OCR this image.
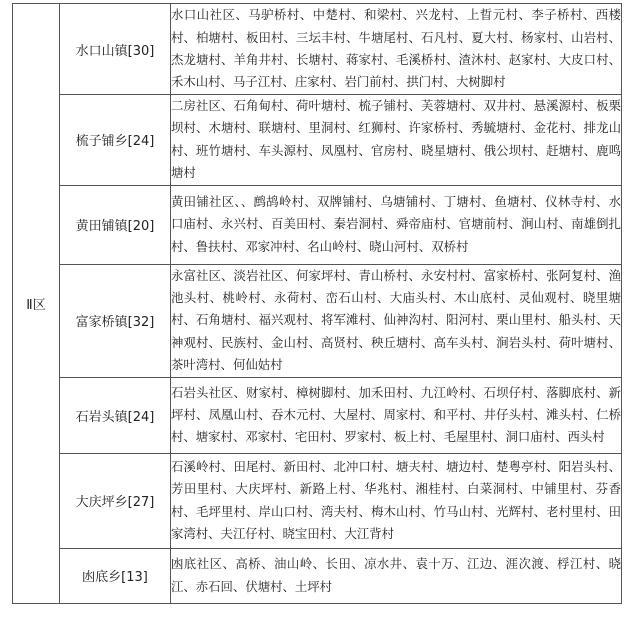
Ⅱ区	水口山镇[30]	水口山社区、马驴桥村、中楚村、和梁村、兴龙村、上晢元村、李子桥村、西楼村、柏塘村、板田村、三坛丰村、牛塘尾村、石凡村、夏大村、杨家村、山岩村、杰龙塘村、羊角井村、长塘村、蒋家村、毛溪桥村、渣沐村、赵家村、大皮口村、禾木山村、马子江村、庄家村、岩门前村、拱门村、大树脚村
	梳子铺乡[24]	二房社区、石角甸村、荷叶塘村、梳子铺村、芙蓉塘村、双井村、悬溪源村、板栗坝村、木塘村、联塘村、里洞村、红狮村、许家桥村、秀毓塘村、金花村、排龙山村、班竹塘村、车头源村、凤凰村、官房村、晓星塘村、俄公坝村、赶塘村、鹿鸣塘村
	黄田铺镇[20]	黄田铺社区、、鹧鸪岭村、双牌铺村、乌塘铺村、丁塘村、鱼塘村、仪林寺村、水口庙村、永兴村、百美田村、秦岩洞村、舜帝庙村、官塘前村、涧山村、南雄倒扎村、鲁扶村、邓家冲村、名山岭村、晓山河村、双桥村
	富家桥镇[32]	永富社区、淡岩社区、何家坪村、青山桥村、永安村村、富家桥村、张阿复村、渔池头村、桃岭村、永荷村、峦石山村、大庙头村、木山底村、灵仙观村、晓里塘村、石角塘村、福兴观村、将军滩村、仙神沟村、阳河村、栗山里村、船头村、天神观村、民族村、金山村、高贤村、秧丘塘村、高车头村、涧岩头村、荷叶塘村、茶叶湾村、何仙姑村
	石岩头镇[24]	石岩头社区、财家村、樟树脚村、加禾田村、九江岭村、石坝仔村、落脚底村、新坪村、凤凰山村、吞木元村、大屋村、周家村、和平村、井仔头村、滩头村、仁桥村、塘家村、邓家村、宅田村、罗家村、板上村、毛屋里村、洞口庙村、西头村
	大庆坪乡[27]	石溪岭村、田尾村、新田村、北冲口村、塘夫村、塘边村、楚粤亭村、阳岩头村、芳田里村、大庆坪村、新路上村、华兆村、湘桂村、白菜洞村、中铺里村、芬香村、毛坪里村、岸山口村、湾夫村、梅木山村、竹马山村、光辉村、老村里村、田家湾村、夫江仔村、晓宝田村、大江背村
	凼底乡[13]	凼底社区、高桥、油山岭、长田、凉水井、袁十万、江边、涯次渡、桴江村、晓江、赤石回、伏塘村、土坪村
